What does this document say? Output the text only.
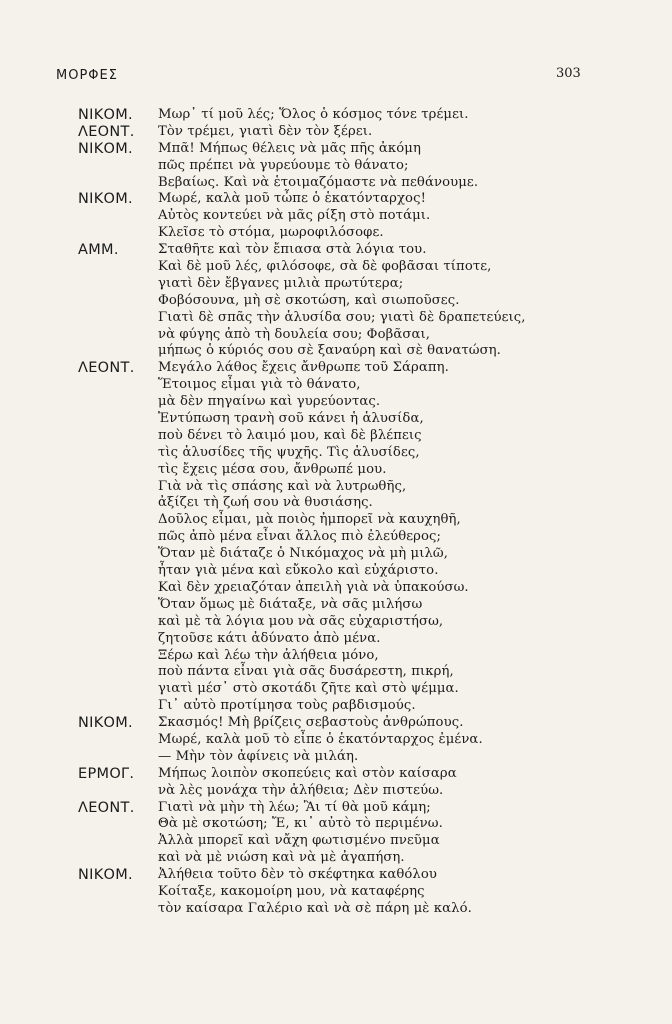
ΜΟΡΦΕΣ	303
ΝΙΚΟΜ. Μωρ᾿ τί μοῦ λές; Ὅλος ὁ κόσμος τόνε τρέμει.
ΛΕΟΝΤ. Τὸν τρέμει, γιατὶ δὲν τὸν ξέρει.
ΝΙΚΟΜ. Μπᾶ! Μήπως θέλεις νὰ μᾶς πῆς ἀκόμη
πῶς πρέπει νὰ γυρεύουμε τὸ θάνατο;
Βεβαίως. Καὶ νὰ ἑτοιμαζόμαστε νὰ πεθάνουμε.
ΝΙΚΟΜ. Μωρέ, καλὰ μοῦ τὦπε ὁ ἑκατόνταρχος!
Αὐτὸς κοντεύει νὰ μᾶς ρίξη στὸ ποτάμι.
Κλεῖσε τὸ στόμα, μωροφιλόσοφε.
ΑΜΜ.	Σταθῆτε καὶ τὸν ἔπιασα στὰ λόγια του.
Καὶ δὲ μοῦ λές, φιλόσοφε, σὰ δὲ φοβᾶσαι τίποτε,
γιατὶ δὲν ἔβγανες μιλιὰ πρωτύτερα;
Φοβόσουνα, μὴ σὲ σκοτώση, καὶ σιωποῦσες.
Γιατὶ δὲ σπᾶς τὴν ἁλυσίδα σου; γιατὶ δὲ δραπετεύεις,
νὰ φύγης ἀπὸ τὴ δουλεία σου; Φοβᾶσαι,
μήπως ὁ κύριός σου σὲ ξαναύρη καὶ σὲ θανατώση.
ΛΕΟΝΤ. Μεγάλο λάθος ἔχεις ἄνθρωπε τοῦ Σάραπη.
Ἕτοιμος εἶμαι γιὰ τὸ θάνατο,
μὰ δὲν πηγαίνω καὶ γυρεύοντας.
Ἐντύπωση τρανὴ σοῦ κάνει ἡ ἁλυσίδα,
ποὺ δένει τὸ λαιμό μου, καὶ δὲ βλέπεις
τὶς ἁλυσίδες τῆς ψυχῆς. Τὶς ἁλυσίδες,
τὶς ἔχεις μέσα σου, ἄνθρωπέ μου.
Γιὰ νὰ τὶς σπάσης καὶ νὰ λυτρωθῆς,
ἀξίζει τὴ ζωή σου νὰ θυσιάσης.
Δοῦλος εἶμαι, μὰ ποιὸς ἠμπορεῖ νὰ καυχηθῆ,
πῶς ἀπὸ μένα εἶναι ἄλλος πιὸ ἐλεύθερος;
Ὅταν μὲ διάταζε ὁ Νικόμαχος νὰ μὴ μιλῶ,
ἦταν γιὰ μένα καὶ εὔκολο καὶ εὐχάριστο.
Καὶ δὲν χρειαζόταν ἀπειλὴ γιὰ νὰ ὑπακούσω.
Ὅταν ὅμως μὲ διάταξε, νὰ σᾶς μιλήσω
καὶ μὲ τὰ λόγια μου νὰ σᾶς εὐχαριστήσω,
ζητοῦσε κάτι ἀδύνατο ἀπὸ μένα.
Ξέρω καὶ λέω τὴν ἀλήθεια μόνο,
ποὺ πάντα εἶναι γιὰ σᾶς δυσάρεστη, πικρή,
γιατὶ μέσ᾿ στὸ σκοτάδι ζῆτε καὶ στὸ ψέμμα.
Γι᾿ αὐτὸ προτίμησα τοὺς ραβδισμούς.
ΝΙΚΟΜ. Σκασμός! Μὴ βρίζεις σεβαστοὺς ἀνθρώπους.
Μωρέ, καλὰ μοῦ τὸ εἶπε ὁ ἑκατόνταρχος ἐμένα.
— Μὴν τὸν ἀφίνεις νὰ μιλάη.
ΕΡΜΟΓ. Μήπως λοιπὸν σκοπεύεις καὶ στὸν καίσαρα
νὰ λὲς μονάχα τὴν ἀλήθεια; Δὲν πιστεύω.
ΛΕΟΝΤ. Γιατὶ νὰ μὴν τὴ λέω; Ἂι τί θὰ μοῦ κάμη;
Θὰ μὲ σκοτώση; Ἔ, κι᾿ αὐτὸ τὸ περιμένω.
Ἀλλὰ μπορεῖ καὶ νἄχη φωτισμένο πνεῦμα
καὶ νὰ μὲ νιώση καὶ νὰ μὲ ἀγαπήση.
ΝΙΚΟΜ. Ἀλήθεια τοῦτο δὲν τὸ σκέφτηκα καθόλου
Κοίταξε, κακομοίρη μου, νὰ καταφέρης
τὸν καίσαρα Γαλέριο καὶ νὰ σὲ πάρη μὲ καλό.
